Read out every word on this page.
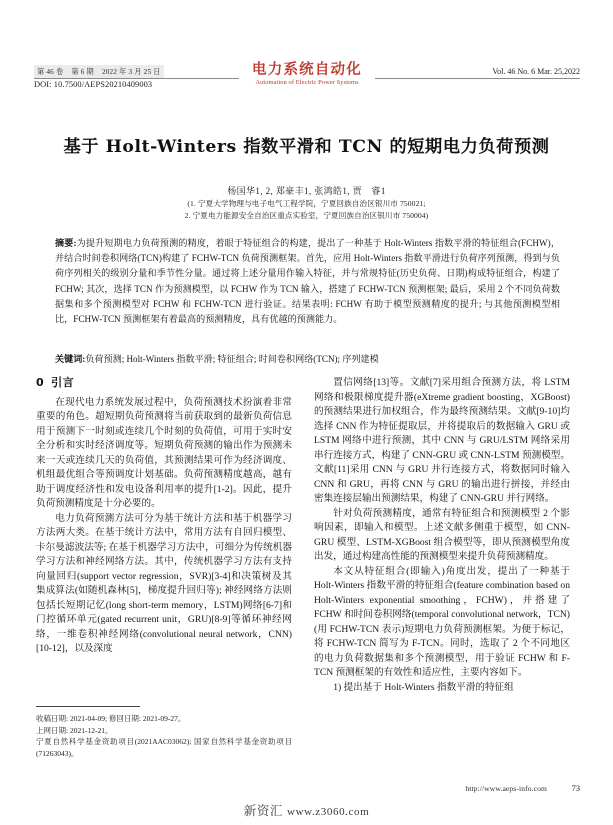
第 46 卷 第 6 期 2022 年 3 月 25 日
DOI: 10.7500/AEPS20210409003
电力系统自动化
Automation of Electric Power Systems
Vol. 46 No. 6 Mar. 25,2022
基于 Holt-Winters 指数平滑和 TCN 的短期电力负荷预测
杨国华1, 2, 郑豪丰1, 张鸿皓1, 贾　睿1
(1. 宁夏大学物理与电子电气工程学院，宁夏回族自治区银川市 750021;
2. 宁夏电力能源安全自治区重点实验室，宁夏回族自治区银川市 750004)
摘要:为提升短期电力负荷预测的精度，着眼于特征组合的构建，提出了一种基于 Holt-Winters 指数平滑的特征组合(FCHW)，并结合时间卷积网络(TCN)构建了 FCHW-TCN 负荷预测框架。首先，应用 Holt-Winters 指数平滑进行负荷序列预测，得到与负荷序列相关的级别分量和季节性分量。通过将上述分量用作输入特征，并与常规特征(历史负荷、日期)构成特征组合，构建了 FCHW; 其次，选择 TCN 作为预测模型，以 FCHW 作为 TCN 输入，搭建了 FCHW-TCN 预测框架; 最后，采用 2 个不同负荷数据集和多个预测模型对 FCHW 和 FCHW-TCN 进行验证。结果表明: FCHW 有助于模型预测精度的提升; 与其他预测模型相比，FCHW-TCN 预测框架有着最高的预测精度，具有优越的预测能力。
关键词:负荷预测; Holt-Winters 指数平滑; 特征组合; 时间卷积网络(TCN); 序列建模
0 引言

在现代电力系统发展过程中，负荷预测技术扮演着非常重要的角色。超短期负荷预测将当前获取到的最新负荷信息用于预测下一时刻或连续几个时刻的负荷值，可用于实时安全分析和实时经济调度等。短期负荷预测的输出作为预测未来一天或连续几天的负荷值，其预测结果可作为经济调度、机组最优组合等预调度计划基础。负荷预测精度越高，越有助于调度经济性和发电设备利用率的提升[1-2]。因此，提升负荷预测精度是十分必要的。

电力负荷预测方法可分为基于统计方法和基于机器学习方法两大类。在基于统计方法中，常用方法有自回归模型、卡尔曼滤波法等; 在基于机器学习方法中，可细分为传统机器学习方法和神经网络方法。其中，传统机器学习方法有支持向量回归(support vector regression，SVR)[3-4]和决策树及其集成算法(如随机森林[5]，梯度提升回归等); 神经网络方法则包括长短期记忆(long short-term memory，LSTM)网络[6-7]和门控循环单元(gated recurrent unit，GRU)[8-9]等循环神经网络，一维卷积神经网络(convolutional neural network，CNN)[10-12]，以及深度

置信网络[13]等。文献[7]采用组合预测方法，将 LSTM 网络和极限梯度提升器(eXtreme gradient boosting，XGBoost)的预测结果进行加权组合，作为最终预测结果。文献[9-10]均选择 CNN 作为特征提取层，并将提取后的数据输入 GRU 或 LSTM 网络中进行预测，其中 CNN 与 GRU/LSTM 网络采用串行连接方式，构建了 CNN-GRU 或 CNN-LSTM 预测模型。文献[11]采用 CNN 与 GRU 并行连接方式，将数据同时输入 CNN 和 GRU，再将 CNN 与 GRU 的输出进行拼接，并经由密集连接层输出预测结果，构建了 CNN-GRU 并行网络。

针对负荷预测精度，通常有特征组合和预测模型 2 个影响因素，即输入和模型。上述文献多侧重于模型，如 CNN-GRU 模型、LSTM-XGBoost 组合模型等，即从预测模型角度出发，通过构建高性能的预测模型来提升负荷预测精度。

本文从特征组合(即输入)角度出发，提出了一种基于 Holt-Winters 指数平滑的特征组合(feature combination based on Holt-Winters exponential smoothing，FCHW)，并搭建了 FCHW 和时间卷积网络(temporal convolutional network，TCN)(用 FCHW-TCN 表示)短期电力负荷预测框架。为便于标记，将 FCHW-TCN 简写为 F-TCN。同时，选取了 2 个不同地区的电力负荷数据集和多个预测模型，用于验证 FCHW 和 F-TCN 预测框架的有效性和适应性，主要内容如下。

1) 提出基于 Holt-Winters 指数平滑的特征组

收稿日期: 2021-04-09; 修回日期: 2021-09-27。
上网日期: 2021-12-21。
宁夏自然科学基金资助项目(2021AAC03062); 国家自然科学基金资助项目(71263043)。
http://www.aeps-info.com	73
新资汇 www.z3060.com
